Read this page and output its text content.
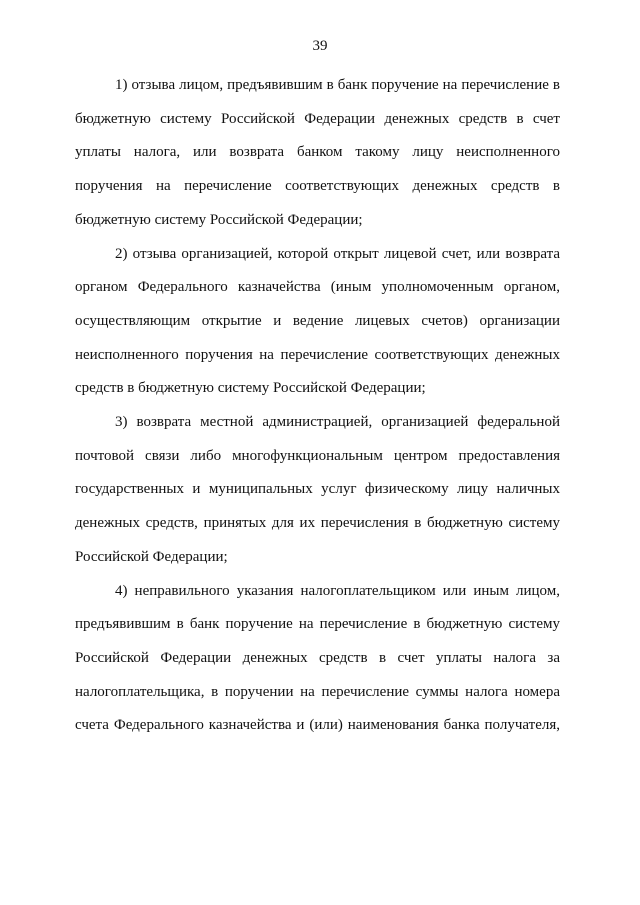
39

1) отзыва лицом, предъявившим в банк поручение на перечисление в бюджетную систему Российской Федерации денежных средств в счет уплаты налога, или возврата банком такому лицу неисполненного поручения на перечисление соответствующих денежных средств в бюджетную систему Российской Федерации;

2) отзыва организацией, которой открыт лицевой счет, или возврата органом Федерального казначейства (иным уполномоченным органом, осуществляющим открытие и ведение лицевых счетов) организации неисполненного поручения на перечисление соответствующих денежных средств в бюджетную систему Российской Федерации;

3) возврата местной администрацией, организацией федеральной почтовой связи либо многофункциональным центром предоставления государственных и муниципальных услуг физическому лицу наличных денежных средств, принятых для их перечисления в бюджетную систему Российской Федерации;

4) неправильного указания налогоплательщиком или иным лицом, предъявившим в банк поручение на перечисление в бюджетную систему Российской Федерации денежных средств в счет уплаты налога за налогоплательщика, в поручении на перечисление суммы налога номера счета Федерального казначейства и (или) наименования банка получателя,
